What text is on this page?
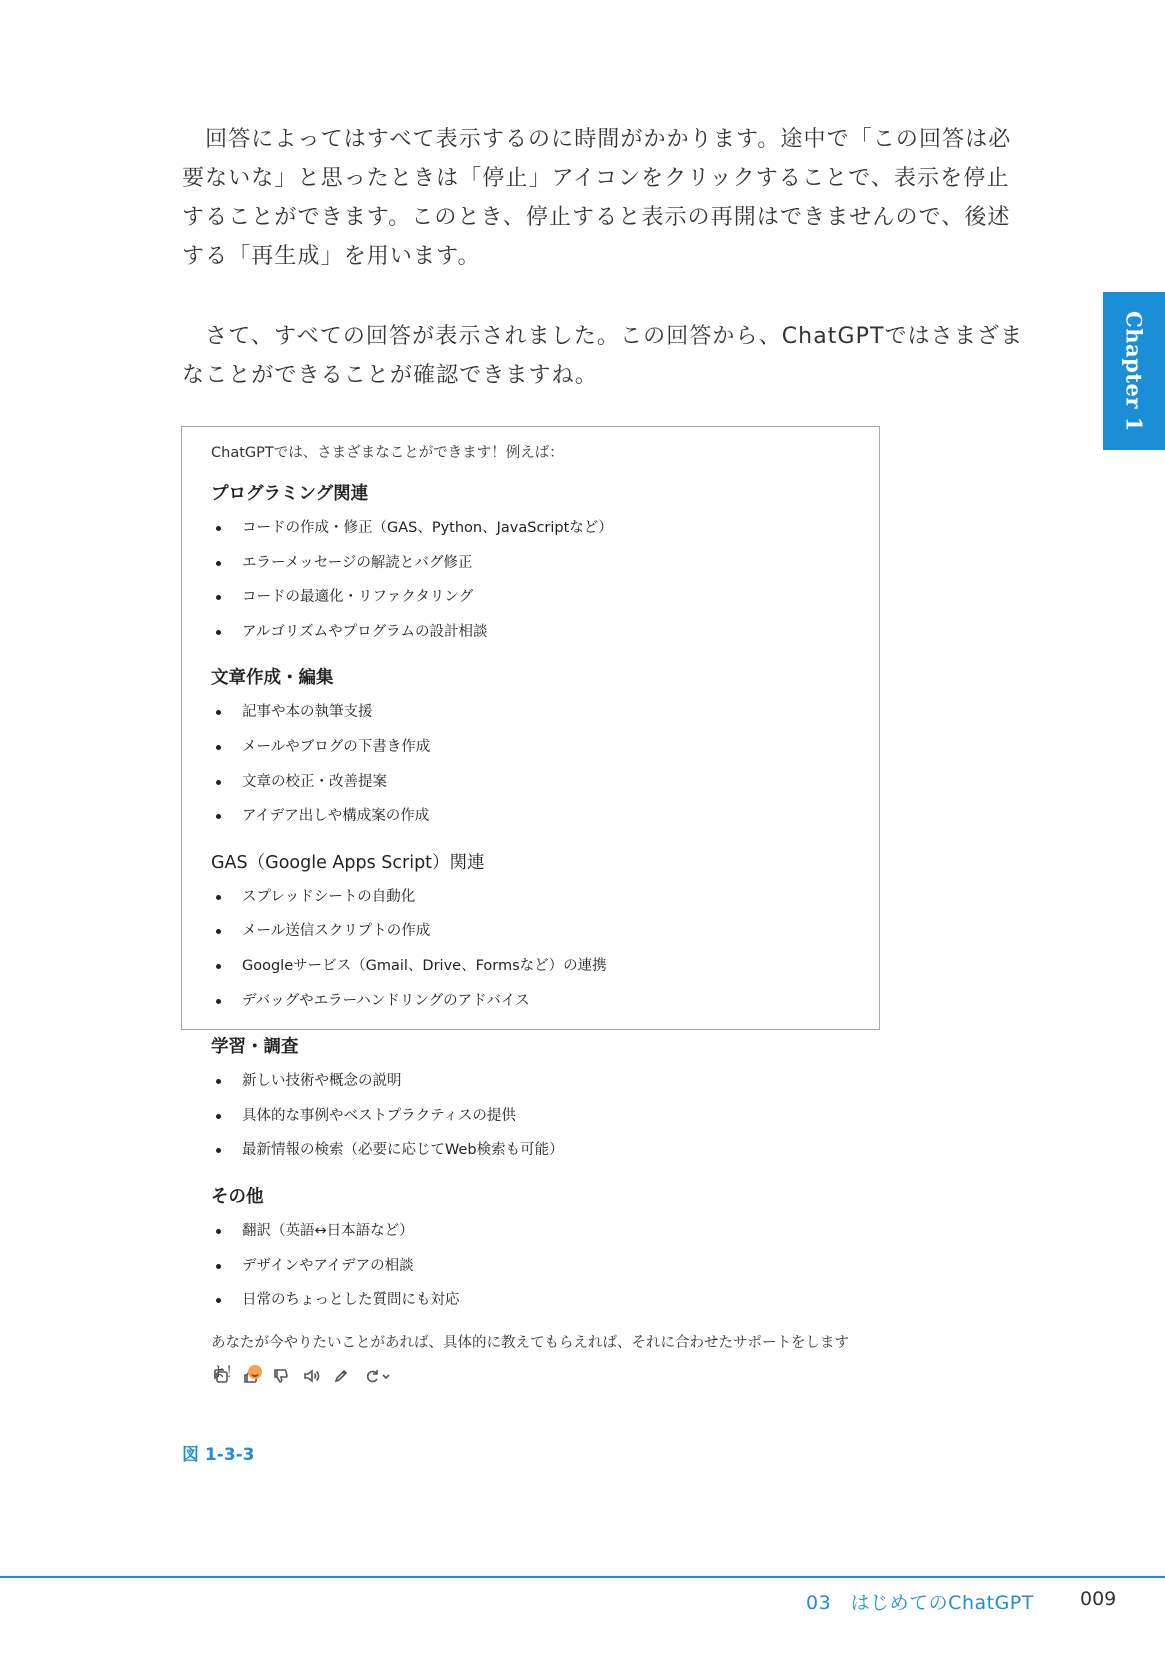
　回答によってはすべて表示するのに時間がかかります。途中で「この回答は必要ないな」と思ったときは「停止」アイコンをクリックすることで、表示を停止することができます。このとき、停止すると表示の再開はできませんので、後述する「再生成」を用います。

　さて、すべての回答が表示されました。この回答から、ChatGPTではさまざまなことができることが確認できますね。	Chapter 1
ChatGPTでは、さまざまなことができます！例えば：
プログラミング関連
コードの作成・修正（GAS、Python、JavaScriptなど）
エラーメッセージの解読とバグ修正
コードの最適化・リファクタリング
アルゴリズムやプログラムの設計相談
文章作成・編集
記事や本の執筆支援
メールやブログの下書き作成
文章の校正・改善提案
アイデア出しや構成案の作成
GAS（Google Apps Script）関連
スプレッドシートの自動化
メール送信スクリプトの作成
Googleサービス（Gmail、Drive、Formsなど）の連携
デバッグやエラーハンドリングのアドバイス
学習・調査
新しい技術や概念の説明
具体的な事例やベストプラクティスの提供
最新情報の検索（必要に応じてWeb検索も可能）
その他
翻訳（英語↔日本語など）
デザインやアイデアの相談
日常のちょっとした質問にも対応
あなたが今やりたいことがあれば、具体的に教えてもらえれば、それに合わせたサポートをしますよ！

図 1-3-3

03　はじめてのChatGPT 009
